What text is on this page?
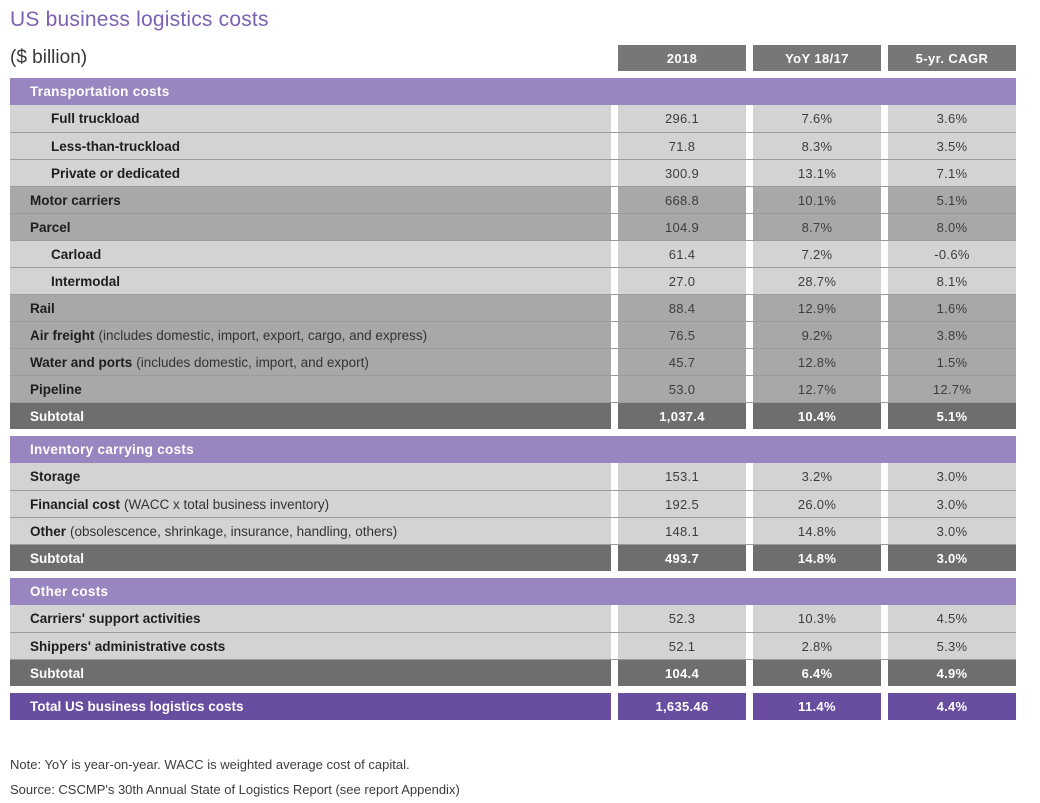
US business logistics costs
($ billion)	2018	YoY 18/17	5-yr. CAGR
Transportation costs
Full truckload	296.1	7.6%	3.6%
Less-than-truckload	71.8	8.3%	3.5%
Private or dedicated	300.9	13.1%	7.1%
Motor carriers	668.8	10.1%	5.1%
Parcel	104.9	8.7%	8.0%
Carload	61.4	7.2%	-0.6%
Intermodal	27.0	28.7%	8.1%
Rail	88.4	12.9%	1.6%
Air freight (includes domestic, import, export, cargo, and express)	76.5	9.2%	3.8%
Water and ports (includes domestic, import, and export)	45.7	12.8%	1.5%
Pipeline	53.0	12.7%	12.7%
Subtotal	1,037.4	10.4%	5.1%
Inventory carrying costs
Storage	153.1	3.2%	3.0%
Financial cost (WACC x total business inventory)	192.5	26.0%	3.0%
Other (obsolescence, shrinkage, insurance, handling, others)	148.1	14.8%	3.0%
Subtotal	493.7	14.8%	3.0%
Other costs
Carriers' support activities	52.3	10.3%	4.5%
Shippers' administrative costs	52.1	2.8%	5.3%
Subtotal	104.4	6.4%	4.9%
Total US business logistics costs	1,635.46	11.4%	4.4%
Note: YoY is year-on-year. WACC is weighted average cost of capital.
Source: CSCMP's 30th Annual State of Logistics Report (see report Appendix)
